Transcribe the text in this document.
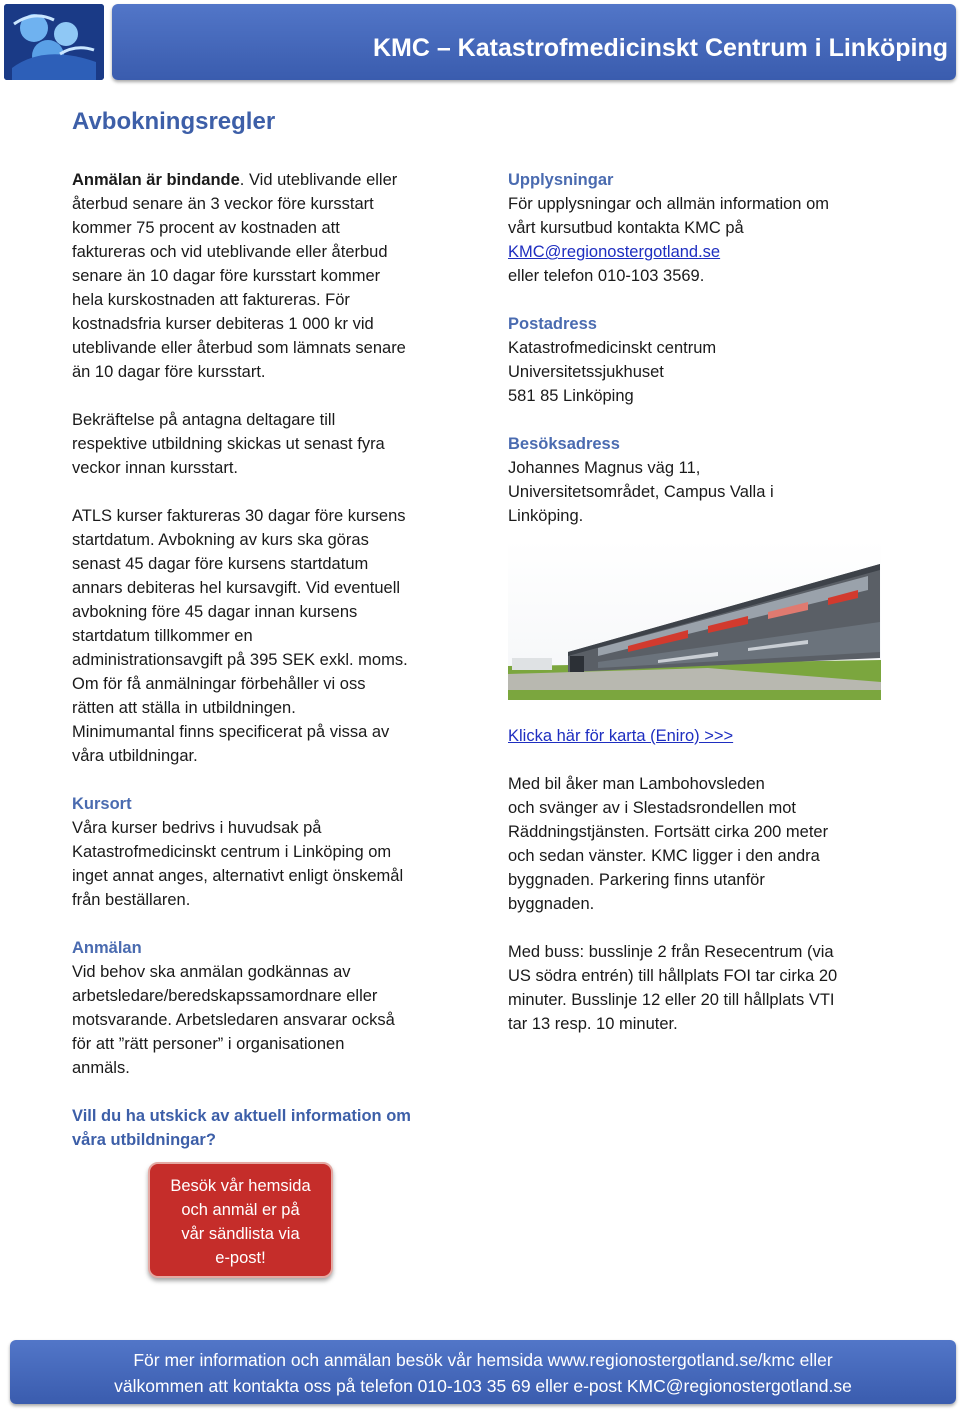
KMC – Katastrofmedicinskt Centrum i Linköping
Avbokningsregler

Anmälan är bindande. Vid uteblivande eller
återbud senare än 3 veckor före kursstart
kommer 75 procent av kostnaden att
faktureras och vid uteblivande eller återbud
senare än 10 dagar före kursstart kommer
hela kurskostnaden att faktureras. För
kostnadsfria kurser debiteras 1 000 kr vid
uteblivande eller återbud som lämnats senare
än 10 dagar före kursstart.

Bekräftelse på antagna deltagare till
respektive utbildning skickas ut senast fyra
veckor innan kursstart.

ATLS kurser faktureras 30 dagar före kursens
startdatum. Avbokning av kurs ska göras
senast 45 dagar före kursens startdatum
annars debiteras hel kursavgift. Vid eventuell
avbokning före 45 dagar innan kursens
startdatum tillkommer en
administrationsavgift på 395 SEK exkl. moms.
Om för få anmälningar förbehåller vi oss
rätten att ställa in utbildningen.
Minimumantal finns specificerat på vissa av
våra utbildningar.

Kursort
Våra kurser bedrivs i huvudsak på
Katastrofmedicinskt centrum i Linköping om
inget annat anges, alternativt enligt önskemål
från beställaren.

Anmälan
Vid behov ska anmälan godkännas av
arbetsledare/beredskapssamordnare eller
motsvarande. Arbetsledaren ansvarar också
för att ”rätt personer” i organisationen
anmäls.

Upplysningar
För upplysningar och allmän information om
vårt kursutbud kontakta KMC på
KMC@regionostergotland.se
eller telefon 010-103 3569.

Postadress
Katastrofmedicinskt centrum
Universitetssjukhuset
581 85 Linköping

Besöksadress
Johannes Magnus väg 11,
Universitetsområdet, Campus Valla i
Linköping.

Klicka här för karta (Eniro) >>>

Med bil åker man Lambohovsleden
och svänger av i Slestadsrondellen mot
Räddningstjänsten. Fortsätt cirka 200 meter
och sedan vänster. KMC ligger i den andra
byggnaden. Parkering finns utanför
byggnaden.

Med buss: busslinje 2 från Resecentrum (via
US södra entrén) till hållplats FOI tar cirka 20
minuter. Busslinje 12 eller 20 till hållplats VTI
tar 13 resp. 10 minuter.

Vill du ha utskick av aktuell information om
våra utbildningar?
Besök vår hemsida
och anmäl er på
vår sändlista via
e-post!
För mer information och anmälan besök vår hemsida www.regionostergotland.se/kmc eller
välkommen att kontakta oss på telefon 010-103 35 69 eller e-post KMC@regionostergotland.se
